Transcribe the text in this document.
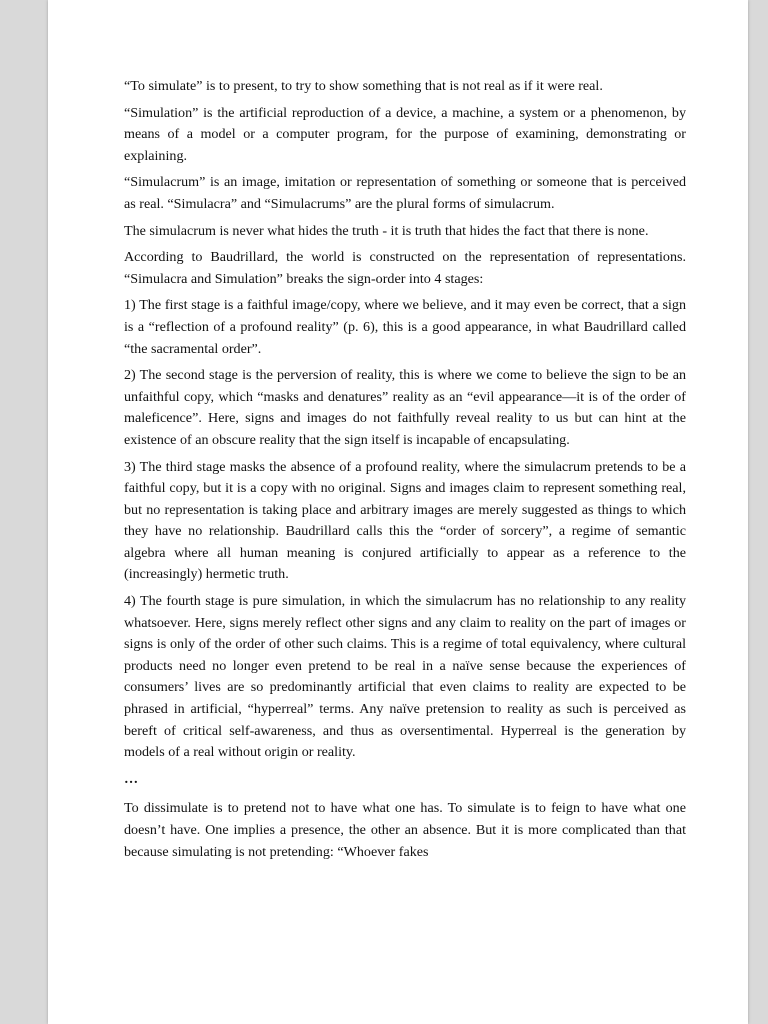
“To simulate” is to present, to try to show something that is not real as if it were real.

“Simulation” is the artificial reproduction of a device, a machine, a system or a phenomenon, by means of a model or a computer program, for the purpose of examining, demonstrating or explaining.

“Simulacrum” is an image, imitation or representation of something or someone that is perceived as real. “Simulacra” and “Simulacrums” are the plural forms of simulacrum.

The simulacrum is never what hides the truth - it is truth that hides the fact that there is none.

According to Baudrillard, the world is constructed on the representation of representations. “Simulacra and Simulation” breaks the sign-order into 4 stages:

1) The first stage is a faithful image/copy, where we believe, and it may even be correct, that a sign is a “reflection of a profound reality” (p. 6), this is a good appearance, in what Baudrillard called “the sacramental order”.

2) The second stage is the perversion of reality, this is where we come to believe the sign to be an unfaithful copy, which “masks and denatures” reality as an “evil appearance—it is of the order of maleficence”. Here, signs and images do not faithfully reveal reality to us but can hint at the existence of an obscure reality that the sign itself is incapable of encapsulating.

3) The third stage masks the absence of a profound reality, where the simulacrum pretends to be a faithful copy, but it is a copy with no original. Signs and images claim to represent something real, but no representation is taking place and arbitrary images are merely suggested as things to which they have no relationship. Baudrillard calls this the “order of sorcery”, a regime of semantic algebra where all human meaning is conjured artificially to appear as a reference to the (increasingly) hermetic truth.

4) The fourth stage is pure simulation, in which the simulacrum has no relationship to any reality whatsoever. Here, signs merely reflect other signs and any claim to reality on the part of images or signs is only of the order of other such claims. This is a regime of total equivalency, where cultural products need no longer even pretend to be real in a naïve sense because the experiences of consumers’ lives are so predominantly artificial that even claims to reality are expected to be phrased in artificial, “hyperreal” terms. Any naïve pretension to reality as such is perceived as bereft of critical self-awareness, and thus as oversentimental. Hyperreal is the generation by models of a real without origin or reality.

…

To dissimulate is to pretend not to have what one has. To simulate is to feign to have what one doesn’t have. One implies a presence, the other an absence. But it is more complicated than that because simulating is not pretending: “Whoever fakes
